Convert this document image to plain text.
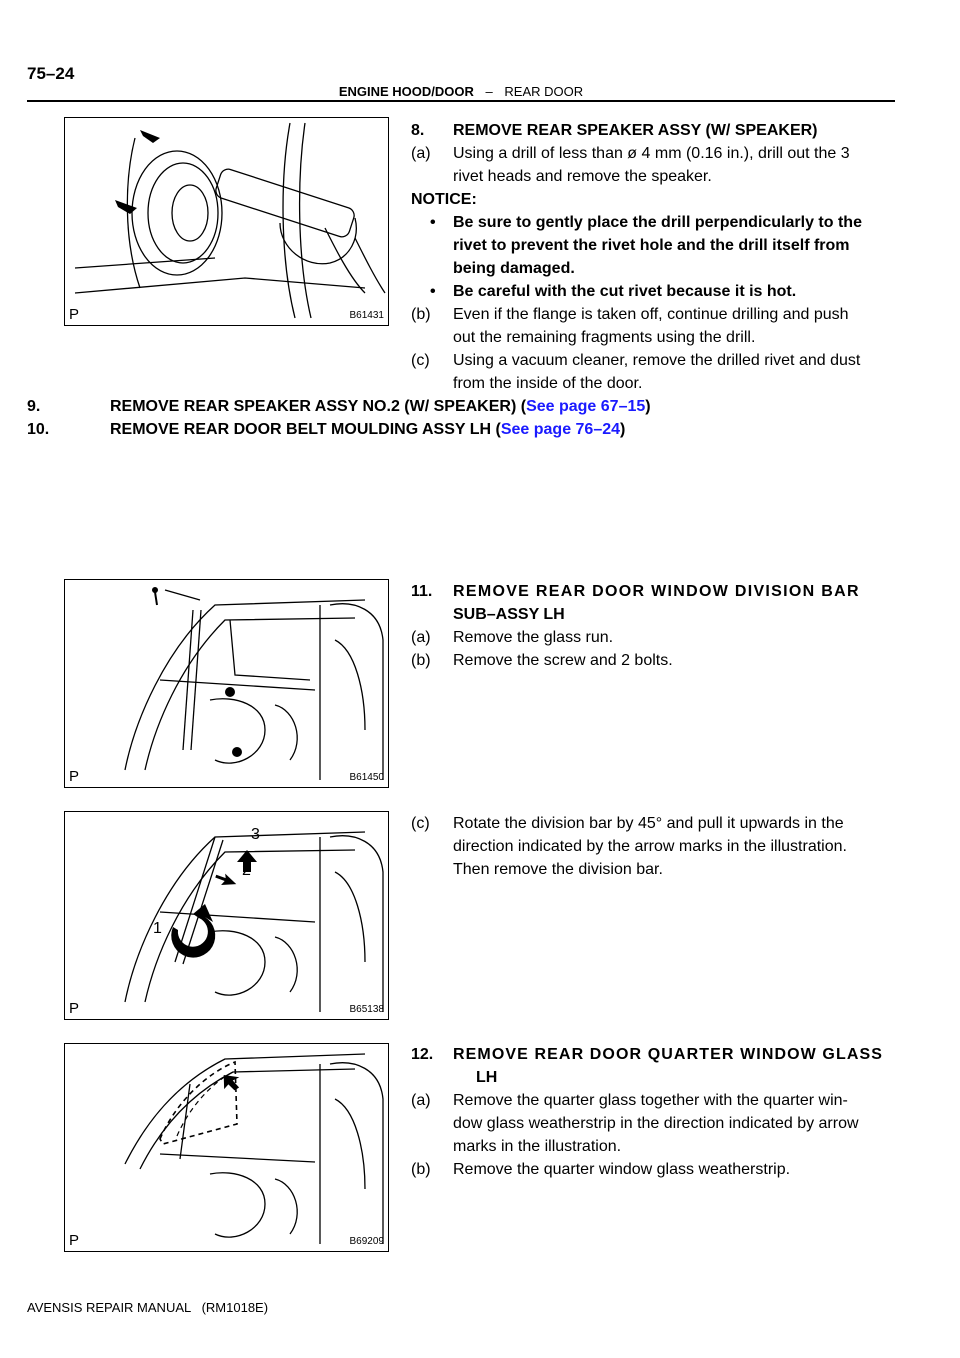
75–24
ENGINE HOOD/DOOR – REAR DOOR
P	B61431
8. REMOVE REAR SPEAKER ASSY (W/ SPEAKER)
(a) Using a drill of less than ø 4 mm (0.16 in.), drill out the 3
rivet heads and remove the speaker.
NOTICE:
• Be sure to gently place the drill perpendicularly to the
rivet to prevent the rivet hole and the drill itself from
being damaged.
• Be careful with the cut rivet because it is hot.
(b) Even if the flange is taken off, continue drilling and push
out the remaining fragments using the drill.
(c) Using a vacuum cleaner, remove the drilled rivet and dust
from the inside of the door.
9.	REMOVE REAR SPEAKER ASSY NO.2 (W/ SPEAKER) (See page 67–15)
10.	REMOVE REAR DOOR BELT MOULDING ASSY LH (See page 76–24)
P	B61450
11. REMOVE REAR DOOR WINDOW DIVISION BAR
SUB–ASSY LH
(a) Remove the glass run.
(b) Remove the screw and 2 bolts.
1
2
3
P	B65138
(c) Rotate the division bar by 45° and pull it upwards in the
direction indicated by the arrow marks in the illustration.
Then remove the division bar.
P	B69209
12. REMOVE REAR DOOR QUARTER WINDOW GLASS
LH
(a) Remove the quarter glass together with the quarter win-
dow glass weatherstrip in the direction indicated by arrow
marks in the illustration.
(b) Remove the quarter window glass weatherstrip.
AVENSIS REPAIR MANUAL   (RM1018E)
